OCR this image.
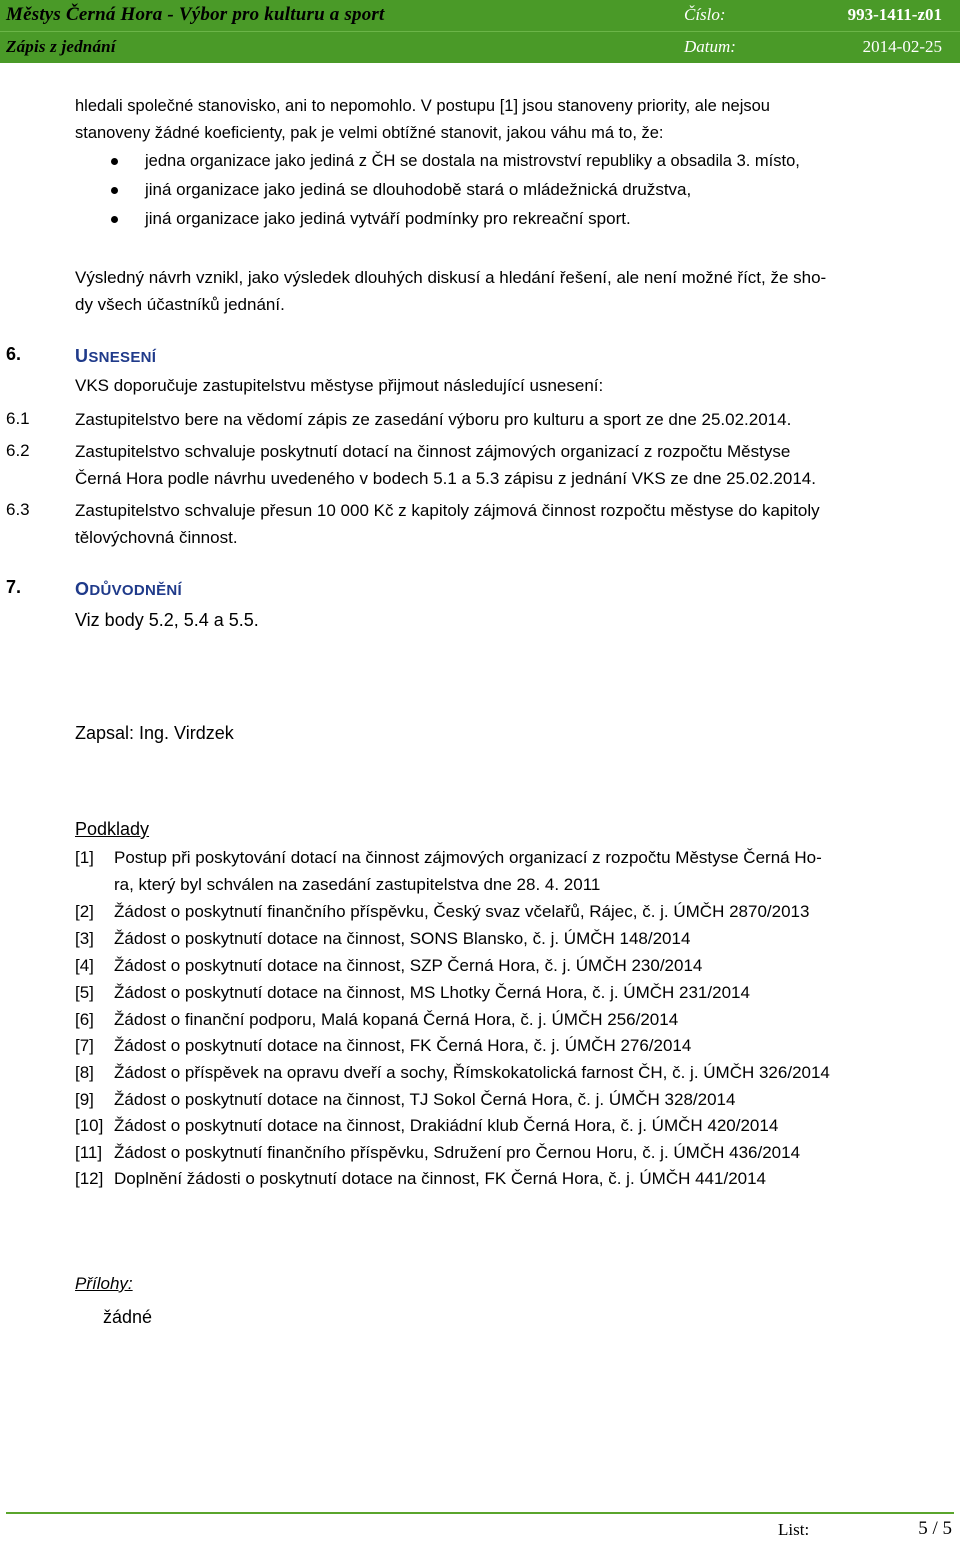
Městys Černá Hora - Výbor pro kulturu a sport	Číslo:	993-1411-z01
Zápis z jednání	Datum:	2014-02-25
hledali společné stanovisko, ani to nepomohlo. V postupu [1] jsou stanoveny priority, ale nejsou
stanoveny žádné koeficienty, pak je velmi obtížné stanovit, jakou váhu má to, že:
jedna organizace jako jediná z ČH se dostala na mistrovství republiky a obsadila 3. místo,
jiná organizace jako jediná se dlouhodobě stará o mládežnická družstva,
jiná organizace jako jediná vytváří podmínky pro rekreační sport.
Výsledný návrh vznikl, jako výsledek dlouhých diskusí a hledání řešení, ale není možné říct, že sho-
dy všech účastníků jednání.
6.	USNESENÍ
VKS doporučuje zastupitelstvu městyse přijmout následující usnesení:
6.1	Zastupitelstvo bere na vědomí zápis ze zasedání výboru pro kulturu a sport ze dne 25.02.2014.
6.2	Zastupitelstvo schvaluje poskytnutí dotací na činnost zájmových organizací z rozpočtu Městyse
Černá Hora podle návrhu uvedeného v bodech 5.1 a 5.3 zápisu z jednání VKS ze dne 25.02.2014.
6.3	Zastupitelstvo schvaluje přesun 10 000 Kč z kapitoly zájmová činnost rozpočtu městyse do kapitoly
tělovýchovná činnost.
7.	ODŮVODNĚNÍ
Viz body 5.2, 5.4 a 5.5.
Zapsal: Ing. Virdzek
Podklady
[1] Postup při poskytování dotací na činnost zájmových organizací z rozpočtu Městyse Černá Ho-
ra, který byl schválen na zasedání zastupitelstva dne 28. 4. 2011
[2] Žádost o poskytnutí finančního příspěvku, Český svaz včelařů, Rájec, č. j. ÚMČH 2870/2013
[3] Žádost o poskytnutí dotace na činnost, SONS Blansko, č. j. ÚMČH 148/2014
[4] Žádost o poskytnutí dotace na činnost, SZP Černá Hora, č. j. ÚMČH 230/2014
[5] Žádost o poskytnutí dotace na činnost, MS Lhotky Černá Hora, č. j. ÚMČH 231/2014
[6] Žádost o finanční podporu, Malá kopaná Černá Hora, č. j. ÚMČH 256/2014
[7] Žádost o poskytnutí dotace na činnost, FK Černá Hora, č. j. ÚMČH 276/2014
[8] Žádost o příspěvek na opravu dveří a sochy, Římskokatolická farnost ČH, č. j. ÚMČH 326/2014
[9] Žádost o poskytnutí dotace na činnost, TJ Sokol Černá Hora, č. j. ÚMČH 328/2014
[10] Žádost o poskytnutí dotace na činnost, Drakiádní klub Černá Hora, č. j. ÚMČH 420/2014
[11] Žádost o poskytnutí finančního příspěvku, Sdružení pro Černou Horu, č. j. ÚMČH 436/2014
[12] Doplnění žádosti o poskytnutí dotace na činnost, FK Černá Hora, č. j. ÚMČH 441/2014
Přílohy:
žádné
List:	5 / 5
